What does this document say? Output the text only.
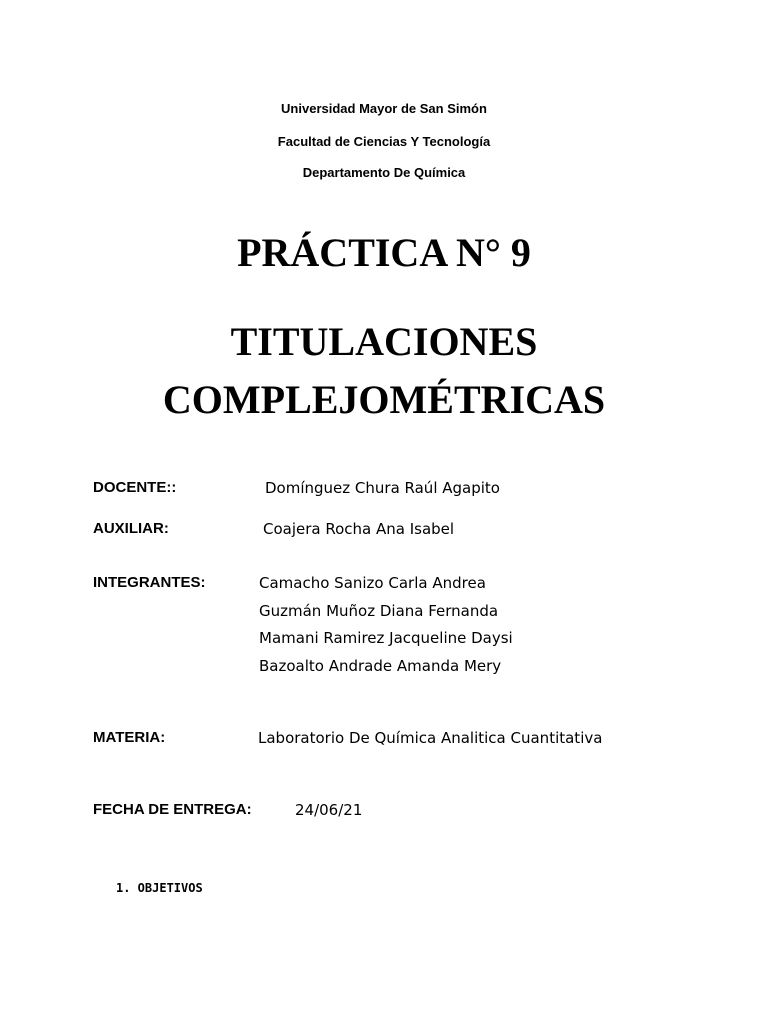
Universidad Mayor de San Simón
Facultad de Ciencias Y Tecnología
Departamento De Química
PRÁCTICA N° 9
TITULACIONES
COMPLEJOMÉTRICAS
DOCENTE::	Domínguez Chura Raúl Agapito
AUXILIAR:	Coajera Rocha Ana Isabel
INTEGRANTES:	Camacho Sanizo Carla Andrea
Guzmán Muñoz Diana Fernanda
Mamani Ramirez Jacqueline Daysi
Bazoalto Andrade Amanda Mery
MATERIA:	Laboratorio De Química Analitica Cuantitativa
FECHA DE ENTREGA:	24/06/21
1. OBJETIVOS
